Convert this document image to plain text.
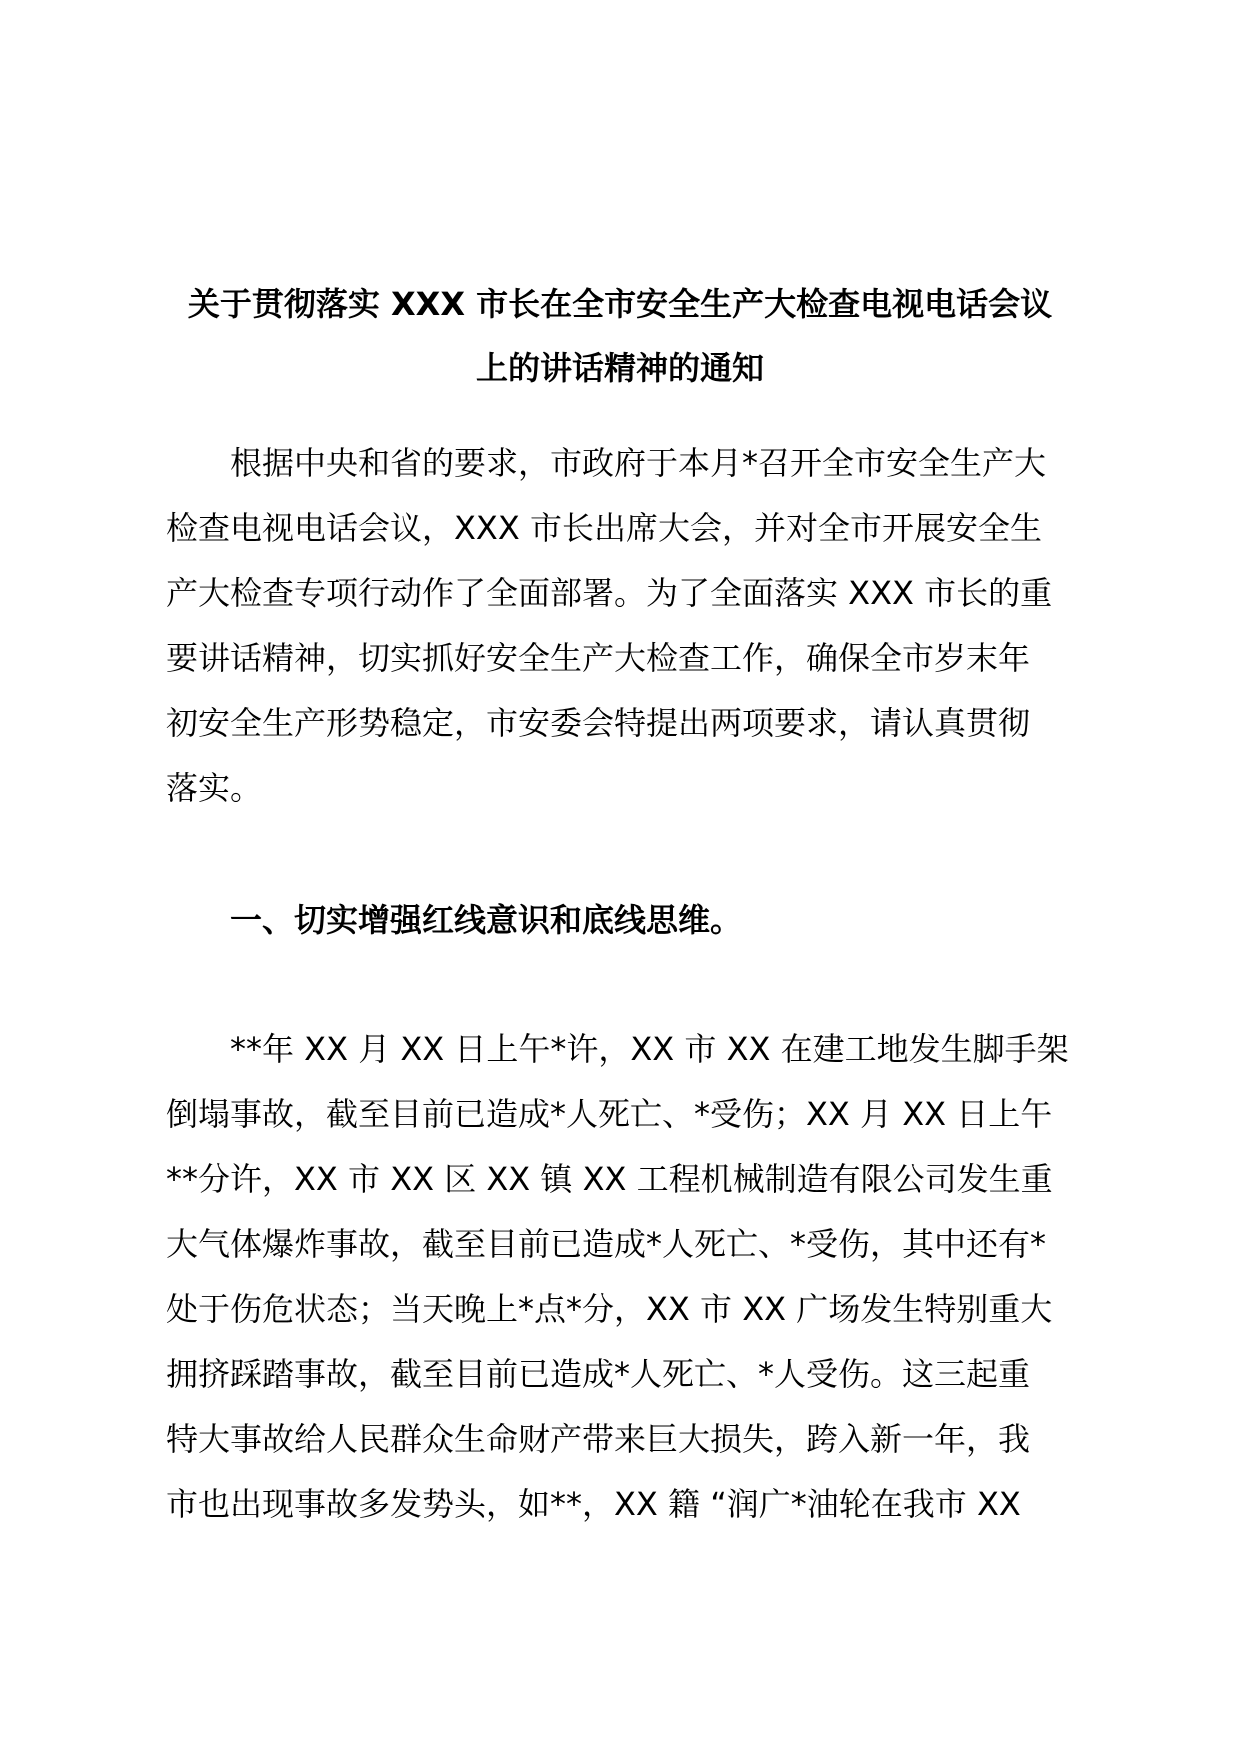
关于贯彻落实 XXX 市长在全市安全生产大检查电视电话会议
上的讲话精神的通知
根据中央和省的要求，市政府于本月*召开全市安全生产大
检查电视电话会议，XXX 市长出席大会，并对全市开展安全生
产大检查专项行动作了全面部署。为了全面落实 XXX 市长的重
要讲话精神，切实抓好安全生产大检查工作，确保全市岁末年
初安全生产形势稳定，市安委会特提出两项要求，请认真贯彻
落实。
一、切实增强红线意识和底线思维。
**年 XX 月 XX 日上午*许，XX 市 XX 在建工地发生脚手架
倒塌事故，截至目前已造成*人死亡、*受伤；XX 月 XX 日上午
**分许，XX 市 XX 区 XX 镇 XX 工程机械制造有限公司发生重
大气体爆炸事故，截至目前已造成*人死亡、*受伤，其中还有*
处于伤危状态；当天晚上*点*分，XX 市 XX 广场发生特别重大
拥挤踩踏事故，截至目前已造成*人死亡、*人受伤。这三起重
特大事故给人民群众生命财产带来巨大损失，跨入新一年，我
市也出现事故多发势头，如**，XX 籍 “润广*油轮在我市 XX
